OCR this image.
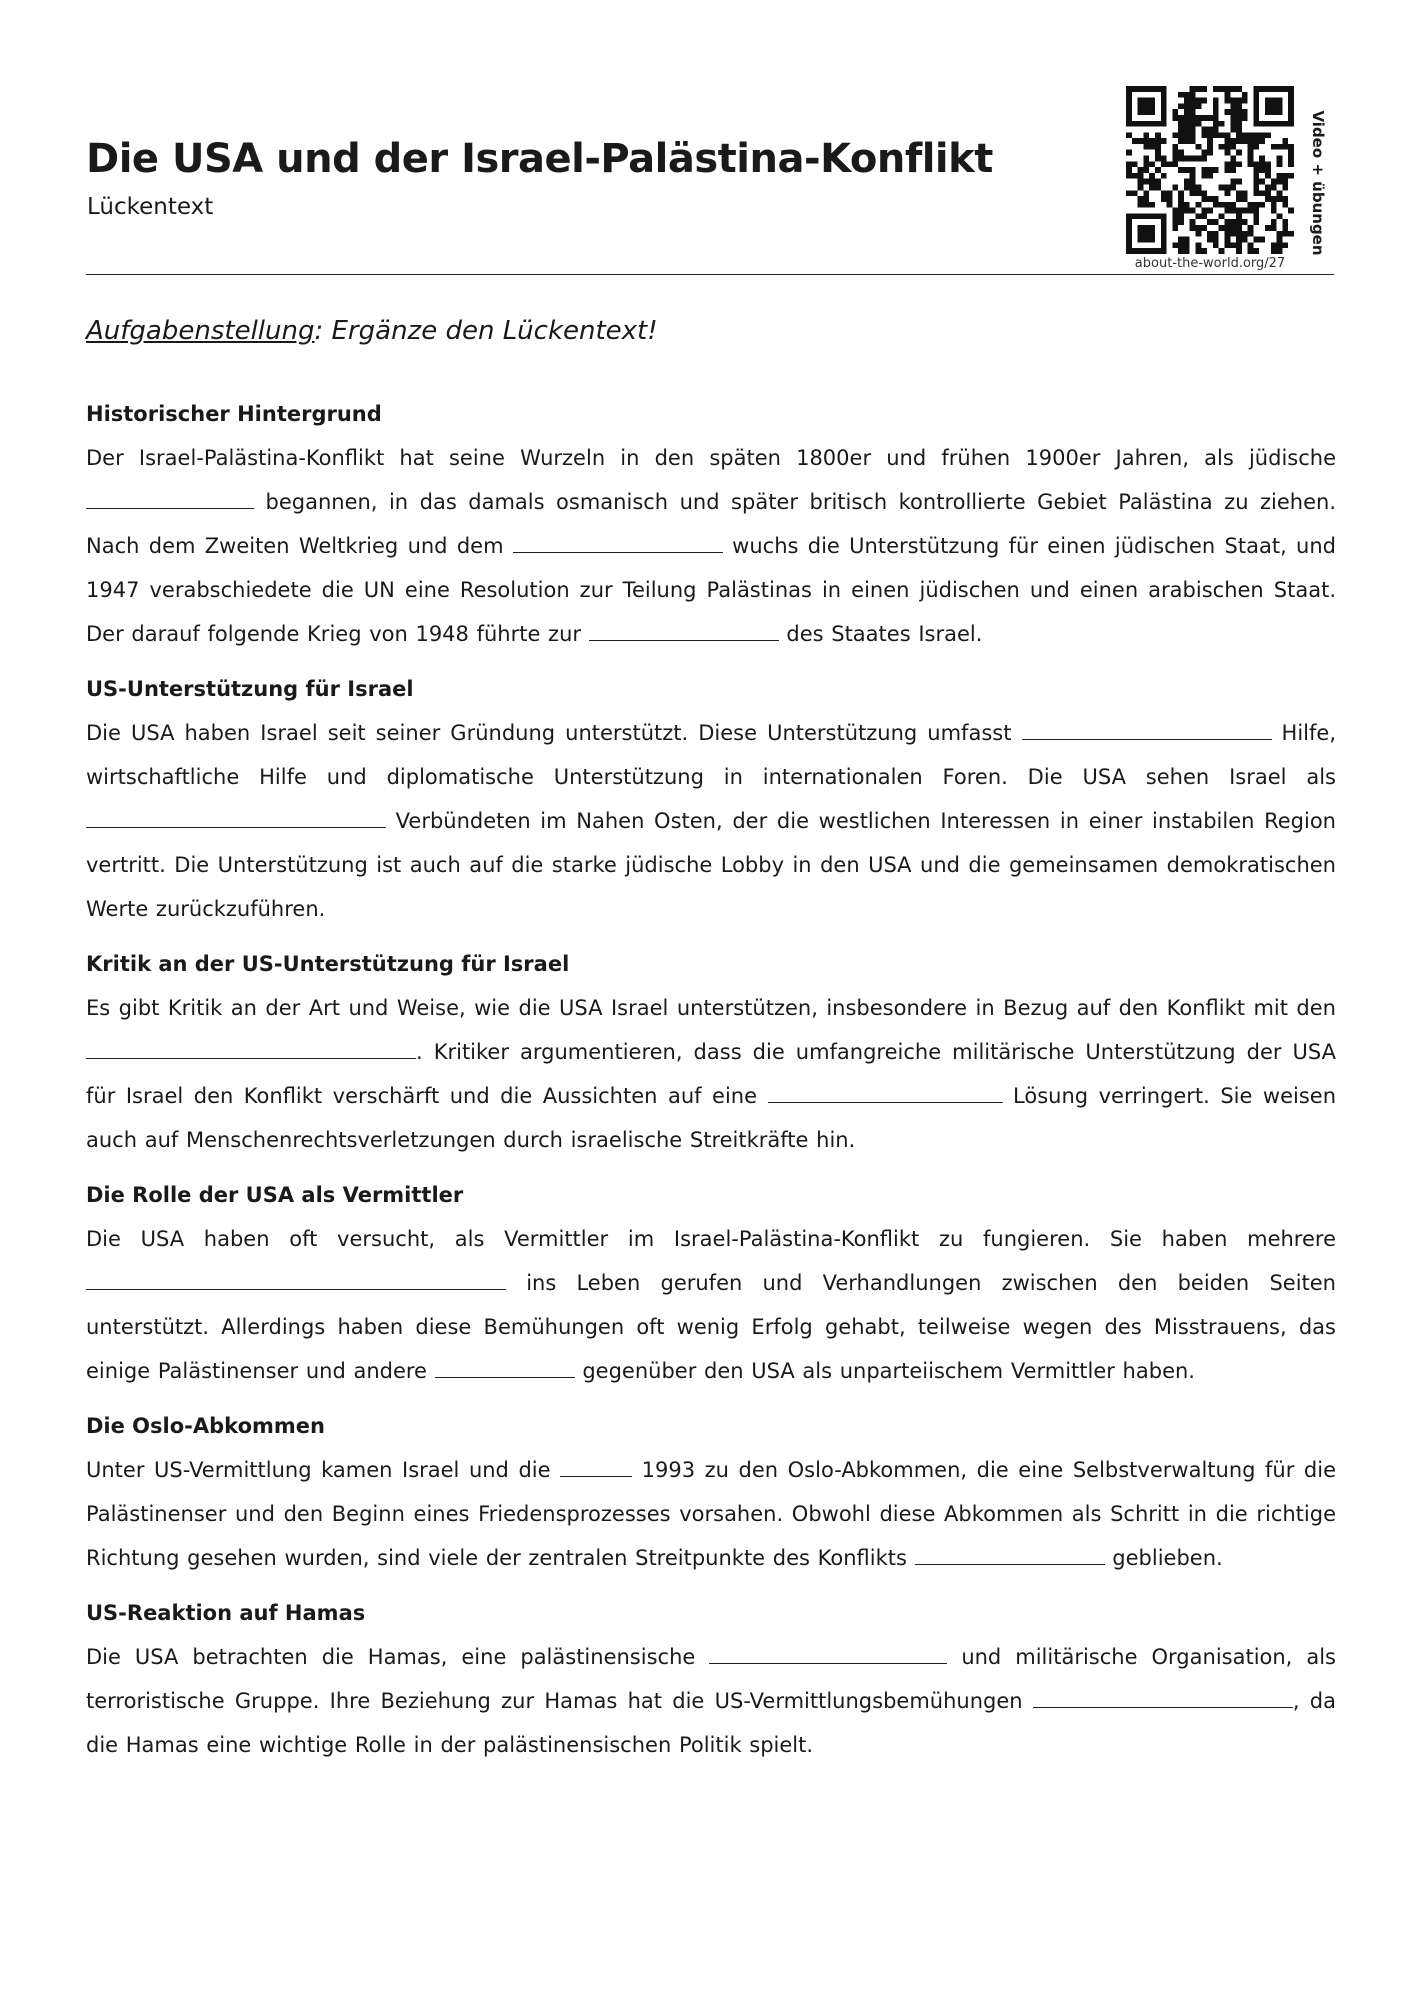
Die USA und der Israel-Palästina-Konflikt
Lückentext	Video + übungen
about-the-world.org/27
Aufgabenstellung: Ergänze den Lückentext!
Historischer Hintergrund

Der Israel-Palästina-Konflikt hat seine Wurzeln in den späten 1800er und frühen 1900er Jahren, als jüdische  begannen, in das damals osmanisch und später britisch kontrollierte Gebiet Palästina zu ziehen. Nach dem Zweiten Weltkrieg und dem	wuchs die Unterstützung für einen jüdischen Staat, und 1947 verabschiedete die UN eine Resolution zur Teilung Palästinas in einen jüdischen und einen arabischen Staat. Der darauf folgende Krieg von 1948 führte zur	des Staates Israel.

US-Unterstützung für Israel

Die USA haben Israel seit seiner Gründung unterstützt. Diese Unterstützung umfasst	Hilfe, wirtschaftliche Hilfe und diplomatische Unterstützung in internationalen Foren. Die USA sehen Israel als  Verbündeten im Nahen Osten, der die westlichen Interessen in einer instabilen Region vertritt. Die Unterstützung ist auch auf die starke jüdische Lobby in den USA und die gemeinsamen demokratischen Werte zurückzuführen.

Kritik an der US-Unterstützung für Israel

Es gibt Kritik an der Art und Weise, wie die USA Israel unterstützen, insbesondere in Bezug auf den Konflikt mit den . Kritiker argumentieren, dass die umfangreiche militärische Unterstützung der USA für Israel den Konflikt verschärft und die Aussichten auf eine	Lösung verringert. Sie weisen auch auf Menschenrechtsverletzungen durch israelische Streitkräfte hin.

Die Rolle der USA als Vermittler

Die USA haben oft versucht, als Vermittler im Israel-Palästina-Konflikt zu fungieren. Sie haben mehrere  ins Leben gerufen und Verhandlungen zwischen den beiden Seiten unterstützt. Allerdings haben diese Bemühungen oft wenig Erfolg gehabt, teilweise wegen des Misstrauens, das einige Palästinenser und andere	gegenüber den USA als unparteiischem Vermittler haben.

Die Oslo-Abkommen

Unter US-Vermittlung kamen Israel und die	1993 zu den Oslo-Abkommen, die eine Selbstverwaltung für die Palästinenser und den Beginn eines Friedensprozesses vorsahen. Obwohl diese Abkommen als Schritt in die richtige Richtung gesehen wurden, sind viele der zentralen Streitpunkte des Konflikts	geblieben.

US-Reaktion auf Hamas

Die USA betrachten die Hamas, eine palästinensische	und militärische Organisation, als terroristische Gruppe. Ihre Beziehung zur Hamas hat die US-Vermittlungsbemühungen	, da die Hamas eine wichtige Rolle in der palästinensischen Politik spielt.
